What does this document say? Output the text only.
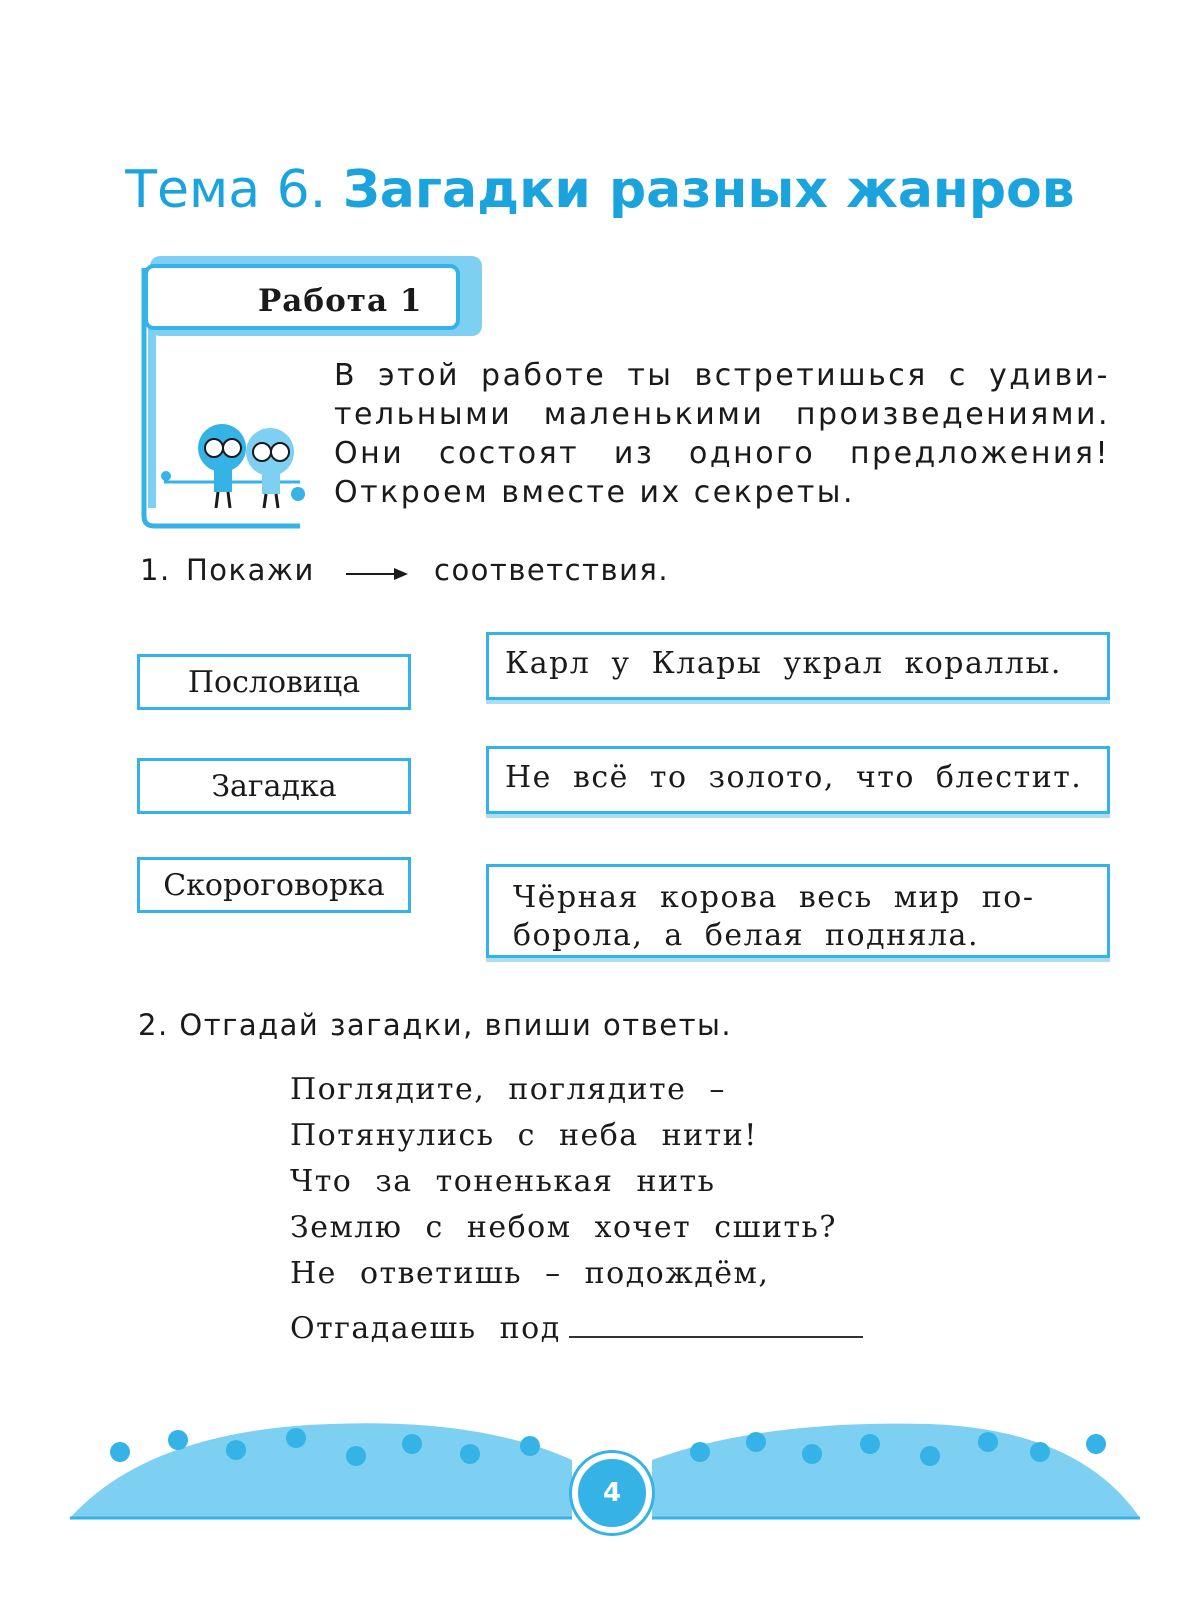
Тема 6. Загадки разных жанров
Работа 1
В этой работе ты встретишься с удиви-тельными маленькими произведениями. Они состоят из одного предложения! Откроем вместе их секреты.
1. Покажи	соответствия.
Пословица
Загадка
Скороговорка
Карл у Клары украл кораллы.
Не всё то золото, что блестит.
Чёрная корова весь мир по-борола, а белая подняла.
2. Отгадай загадки, впиши ответы.
Поглядите, поглядите –
Потянулись с неба нити!
Что за тоненькая нить
Землю с небом хочет сшить?
Не ответишь – подождём,
Отгадаешь под
4
